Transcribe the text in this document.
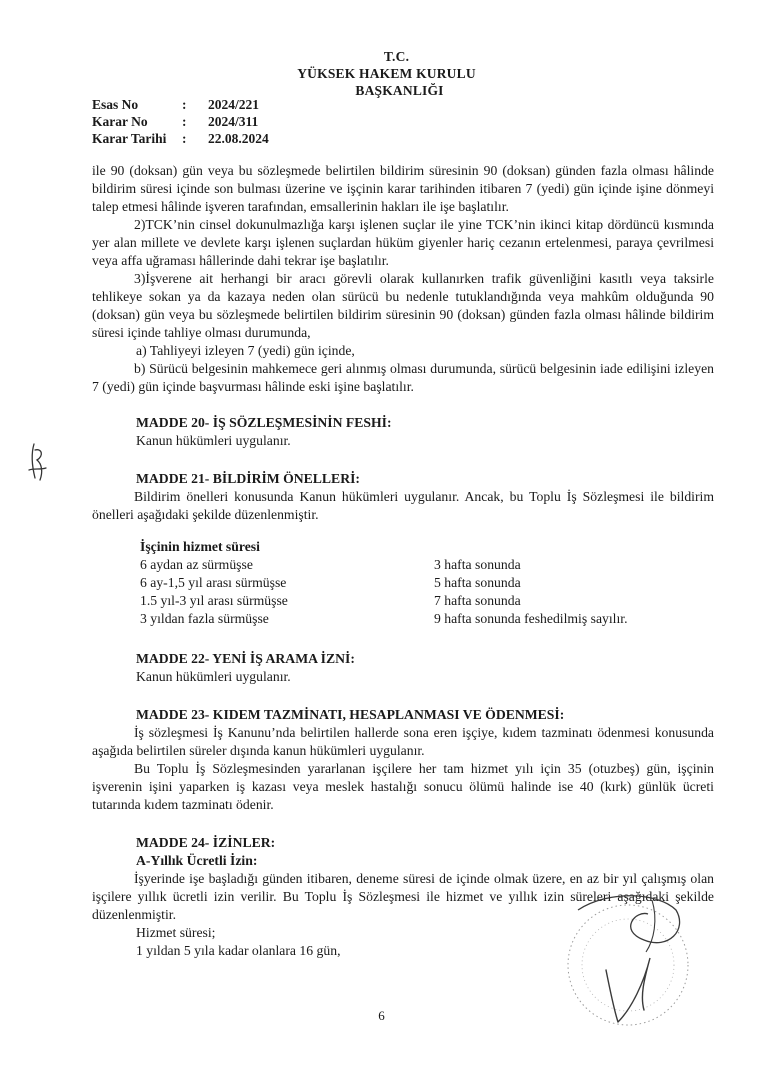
T.C.
YÜKSEK HAKEM KURULU
BAŞKANLIĞI
Esas No	:	2024/221
Karar No	:	2024/311
Karar Tarihi	:	22.08.2024

ile 90 (doksan) gün veya bu sözleşmede belirtilen bildirim süresinin 90 (doksan) günden fazla olması hâlinde bildirim süresi içinde son bulması üzerine ve işçinin karar tarihinden itibaren 7 (yedi) gün içinde işine dönmeyi talep etmesi hâlinde işveren tarafından, emsallerinin hakları ile işe başlatılır.

2)TCK’nin cinsel dokunulmazlığa karşı işlenen suçlar ile yine TCK’nin ikinci kitap dördüncü kısmında yer alan millete ve devlete karşı işlenen suçlardan hüküm giyenler hariç cezanın ertelenmesi, paraya çevrilmesi veya affa uğraması hâllerinde dahi tekrar işe başlatılır.

3)İşverene ait herhangi bir aracı görevli olarak kullanırken trafik güvenliğini kasıtlı veya taksirle tehlikeye sokan ya da kazaya neden olan sürücü bu nedenle tutuklandığında veya mahkûm olduğunda 90 (doksan) gün veya bu sözleşmede belirtilen bildirim süresinin 90 (doksan) günden fazla olması hâlinde bildirim süresi içinde tahliye olması durumunda,

a) Tahliyeyi izleyen 7 (yedi) gün içinde,

b) Sürücü belgesinin mahkemece geri alınmış olması durumunda, sürücü belgesinin iade edilişini izleyen 7 (yedi) gün içinde başvurması hâlinde eski işine başlatılır.

MADDE 20- İŞ SÖZLEŞMESİNİN FESHİ:
Kanun hükümleri uygulanır.
MADDE 21- BİLDİRİM ÖNELLERİ:

Bildirim önelleri konusunda Kanun hükümleri uygulanır. Ancak, bu Toplu İş Sözleşmesi ile bildirim önelleri aşağıdaki şekilde düzenlenmiştir.

İşçinin hizmet süresi
6 aydan az sürmüşse	3 hafta sonunda
6 ay-1,5 yıl arası sürmüşse	5 hafta sonunda
1.5 yıl-3 yıl arası sürmüşse	7 hafta sonunda
3 yıldan fazla sürmüşse	9 hafta sonunda feshedilmiş sayılır.
MADDE 22- YENİ İŞ ARAMA İZNİ:
Kanun hükümleri uygulanır.
MADDE 23- KIDEM TAZMİNATI, HESAPLANMASI VE ÖDENMESİ:

İş sözleşmesi İş Kanunu’nda belirtilen hallerde sona eren işçiye, kıdem tazminatı ödenmesi konusunda aşağıda belirtilen süreler dışında kanun hükümleri uygulanır.

Bu Toplu İş Sözleşmesinden yararlanan işçilere her tam hizmet yılı için 35 (otuzbeş) gün, işçinin işverenin işini yaparken iş kazası veya meslek hastalığı sonucu ölümü halinde ise 40 (kırk) günlük ücreti tutarında kıdem tazminatı ödenir.

MADDE 24- İZİNLER:
A-Yıllık Ücretli İzin:

İşyerinde işe başladığı günden itibaren, deneme süresi de içinde olmak üzere, en az bir yıl çalışmış olan işçilere yıllık ücretli izin verilir. Bu Toplu İş Sözleşmesi ile hizmet ve yıllık izin süreleri aşağıdaki şekilde düzenlenmiştir.

Hizmet süresi;
1 yıldan 5 yıla kadar olanlara 16 gün,
6
